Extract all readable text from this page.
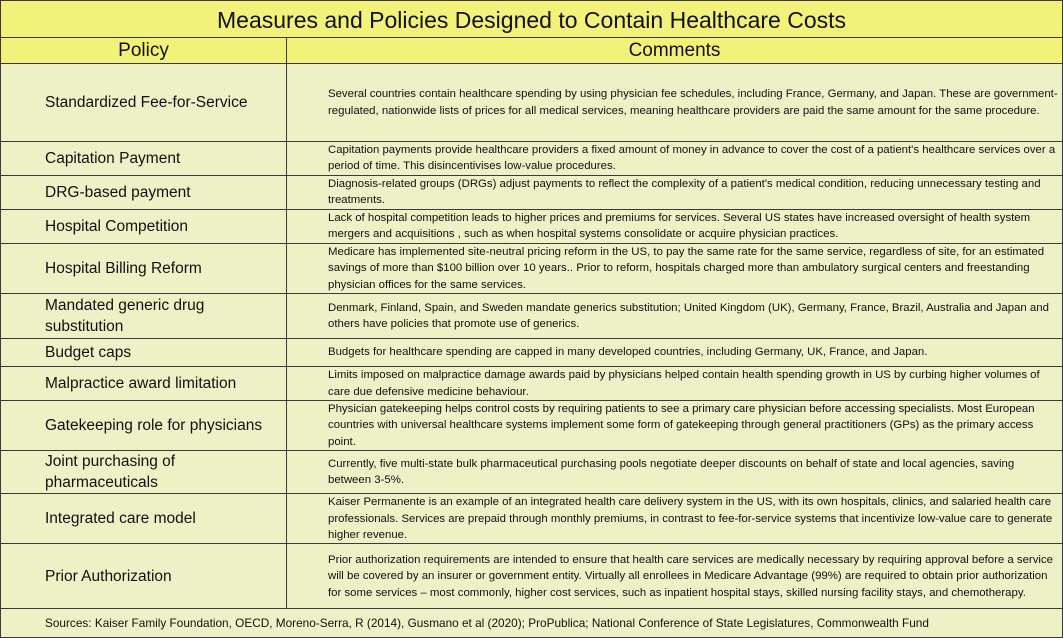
Measures and Policies Designed to Contain Healthcare Costs	
Policy	Comments
Standardized Fee-for-Service	Several countries contain healthcare spending by using physician fee schedules, including France, Germany, and Japan. These are government-regulated, nationwide lists of prices for all medical services, meaning healthcare providers are paid the same amount for the same procedure.
Capitation Payment	Capitation payments provide healthcare providers a fixed amount of money in advance to cover the cost of a patient's healthcare services over a period of time. This disincentivises low-value procedures.
DRG-based payment	Diagnosis-related groups (DRGs) adjust payments to reflect the complexity of a patient's medical condition, reducing unnecessary testing and treatments.
Hospital Competition	Lack of hospital competition leads to higher prices and premiums for services. Several US states have increased oversight of health system mergers and acquisitions , such as when hospital systems consolidate or acquire physician practices.
Hospital Billing Reform	Medicare has implemented site-neutral pricing reform in the US, to pay the same rate for the same service, regardless of site, for an estimated savings of more than $100 billion over 10 years.. Prior to reform, hospitals charged more than ambulatory surgical centers and freestanding physician offices for the same services.
Mandated generic drug substitution	Denmark, Finland, Spain, and Sweden mandate generics substitution; United Kingdom (UK), Germany, France, Brazil, Australia and Japan and others have policies that promote use of generics.
Budget caps	Budgets for healthcare spending are capped in many developed countries, including Germany, UK, France, and Japan.
Malpractice award limitation	Limits imposed on malpractice damage awards paid by physicians helped contain health spending growth in US by curbing higher volumes of care due defensive medicine behaviour.
Gatekeeping role for physicians	Physician gatekeeping helps control costs by requiring patients to see a primary care physician before accessing specialists. Most European countries with universal healthcare systems implement some form of gatekeeping through general practitioners (GPs) as the primary access point.
Joint purchasing of pharmaceuticals	Currently, five multi-state bulk pharmaceutical purchasing pools negotiate deeper discounts on behalf of state and local agencies, saving between 3-5%.
Integrated care model	Kaiser Permanente is an example of an integrated health care delivery system in the US, with its own hospitals, clinics, and salaried health care professionals. Services are prepaid through monthly premiums, in contrast to fee-for-service systems that incentivize low-value care to generate higher revenue.
Prior Authorization	Prior authorization requirements are intended to ensure that health care services are medically necessary by requiring approval before a service will be covered by an insurer or government entity. Virtually all enrollees in Medicare Advantage (99%) are required to obtain prior authorization for some services – most commonly, higher cost services, such as inpatient hospital stays, skilled nursing facility stays, and chemotherapy.
Sources: Kaiser Family Foundation, OECD, Moreno-Serra, R (2014), Gusmano et al (2020); ProPublica; National Conference of State Legislatures, Commonwealth Fund	
